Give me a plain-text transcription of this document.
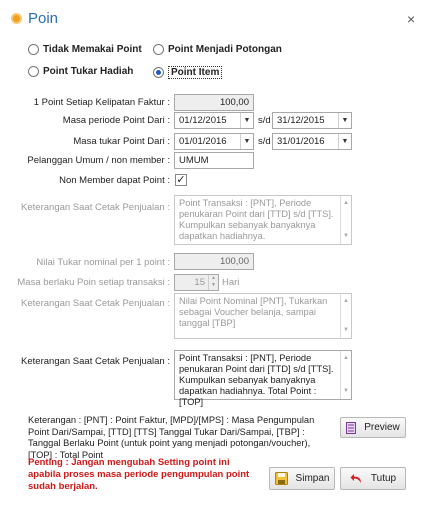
Poin	×
Tidak Memakai Point	Point Menjadi Potongan
Point Tukar Hadiah	Point Item
1 Point Setiap Kelipatan Faktur :	100,00
Masa periode Point Dari : 01/12/2015	▼ s/d 31/12/2015	▼
Masa tukar Point Dari : 01/01/2016	▼ s/d 31/01/2016	▼
Pelanggan Umum / non member : UMUM
Non Member dapat Point : ✓
Keterangan Saat Cetak Penjualan : Point Transaksi : [PNT], Periode penukaran Point dari [TTD] s/d [TTS]. Kumpulkan sebanyak banyaknya dapatkan hadiahnya.
▲
▼
Nilai Tukar nominal per 1 point :	100,00
Masa berlaku Poin setiap transaksi :	15	▲
▼ Hari
Keterangan Saat Cetak Penjualan : Nilai Point Nominal [PNT], Tukarkan sebagai Voucher belanja, sampai tanggal [TBP]
▲
▼
Keterangan Saat Cetak Penjualan : Point Transaksi : [PNT], Periode penukaran Point dari [TTD] s/d [TTS]. Kumpulkan sebanyak banyaknya dapatkan hadiahnya. Total Point : [TOP]
▲
▼
Keterangan : [PNT] : Point Faktur, [MPD]/[MPS] : Masa Pengumpulan Point Dari/Sampai, [TTD] [TTS] Tanggal Tukar Dari/Sampai, [TBP] : Tanggal Berlaku Point (untuk point yang menjadi potongan/voucher), [TOP] : Total Point
Preview
Penting : Jangan mengubah Setting point ini apabila proses masa periode pengumpulan point sudah berjalan.
Simpan	Tutup
